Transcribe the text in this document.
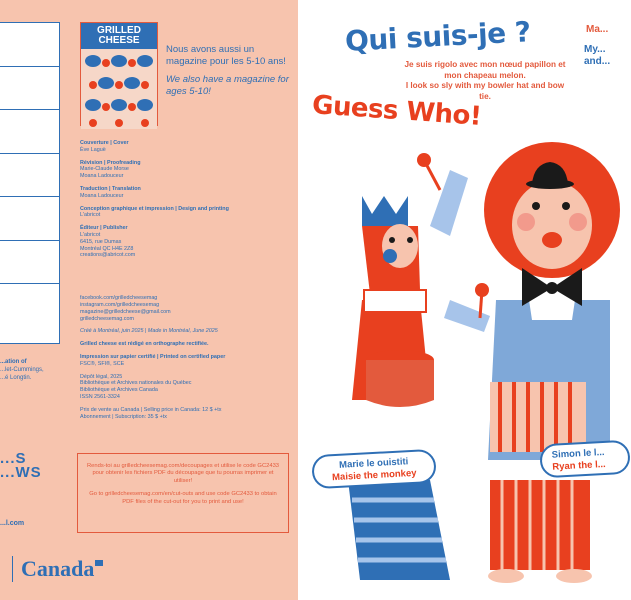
...ation of
...let-Cummings,
...é Longtin.
...S
...WS
...l.com
Canada
GRILLED
CHEESE
Nous avons aussi un magazine pour les 5-10 ans!
We also have a magazine for ages 5-10!
Couverture | Cover
Ève Laguë
Révision | Proofreading
Marie-Claude Morse
Moana Ladouceur
Traduction | Translation
Moana Ladouceur
Conception graphique et impression | Design and printing
L'abricot
Éditeur | Publisher
L'abricot
6415, rue Dumas
Montréal QC H4E 2Z8
creations@abricot.com
facebook.com/grilledcheesemag
instagram.com/grilledcheesemag
magazine@grilledcheese@gmail.com
grilledcheesemag.com
Créé à Montréal, juin 2025 | Made in Montréal, June 2025
Grilled cheese est rédigé en orthographe rectifiée.
Impression sur papier certifié | Printed on certified paper
FSC®, SFI®, SCE
Dépôt légal, 2025
Bibliothèque et Archives nationales du Québec
Bibliothèque et Archives Canada
ISSN 2561-3324
Prix de vente au Canada | Selling price in Canada: 12 $ +tx
Abonnement | Subscription: 35 $ +tx
Rends-toi au grilledcheesemag.com/decoupages et utilise le code GC2433 pour obtenir les fichiers PDF du découpage que tu pourras imprimer et utiliser!
Go to grilledcheesemag.com/en/cut-outs and use code GC2433 to obtain PDF files of the cut-out for you to print and use!
Qui suis-je ?	Ma...
My...
and...
Je suis rigolo avec mon nœud papillon et mon chapeau melon.
I look so sly with my bowler hat and bow tie.
Guess Who!
Marie le ouistiti
Maisie the monkey
Simon le l...
Ryan the l...
